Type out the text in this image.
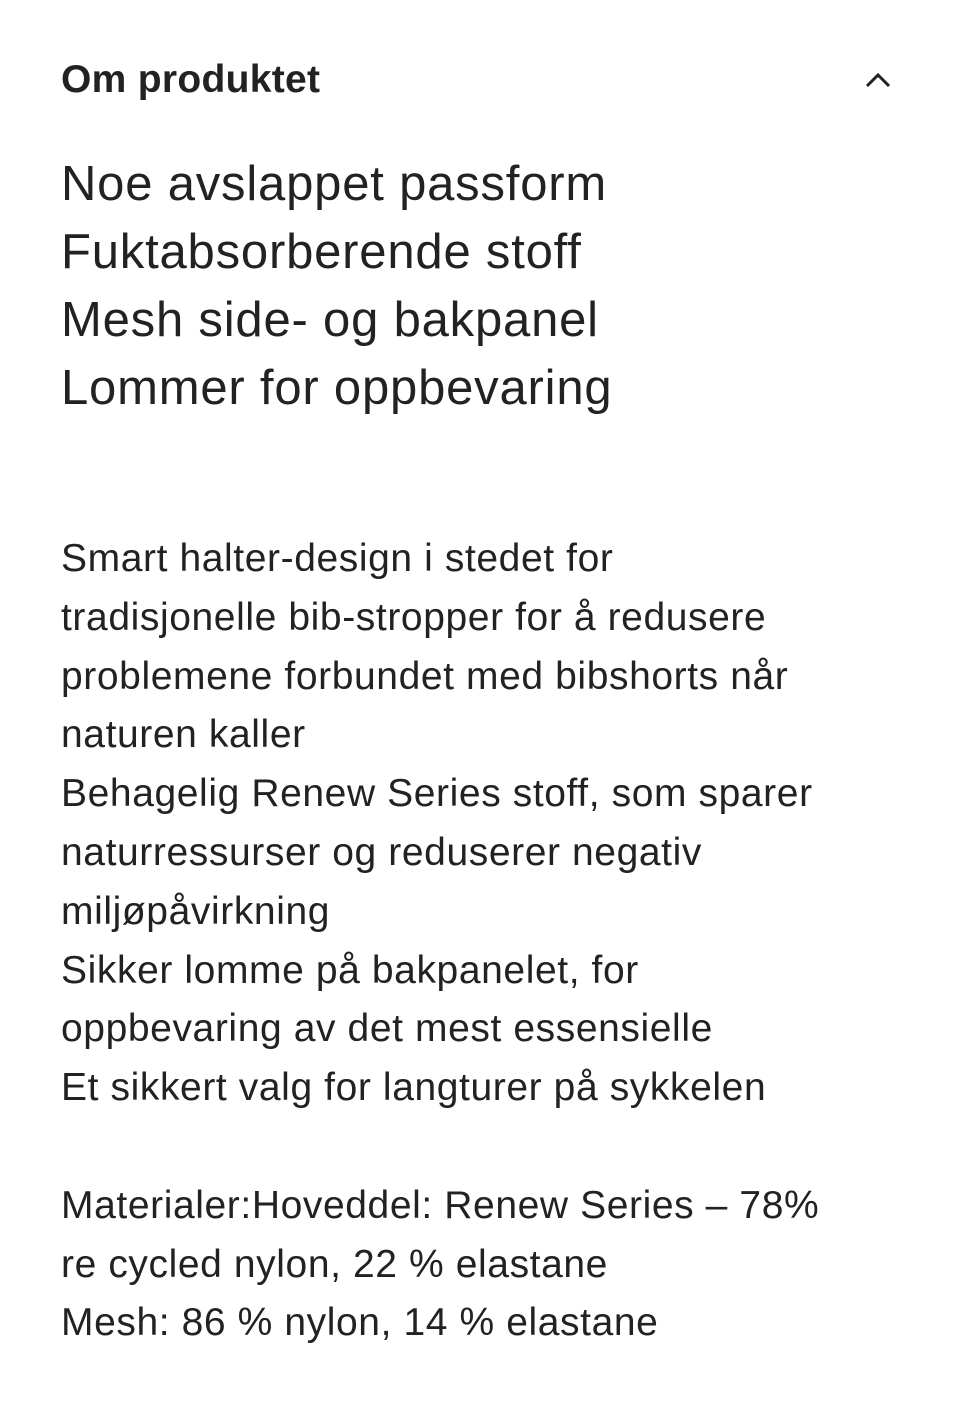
Om produktet
Noe avslappet passform
Fuktabsorberende stoff
Mesh side- og bakpanel
Lommer for oppbevaring
Smart halter-design i stedet for
tradisjonelle bib-stropper for å redusere
problemene forbundet med bibshorts når
naturen kaller
Behagelig Renew Series stoff, som sparer
naturressurser og reduserer negativ
miljøpåvirkning
Sikker lomme på bakpanelet, for
oppbevaring av det mest essensielle
Et sikkert valg for langturer på sykkelen
Materialer:Hoveddel: Renew Series – 78%
re cycled nylon, 22 % elastane
Mesh: 86 % nylon, 14 % elastane
